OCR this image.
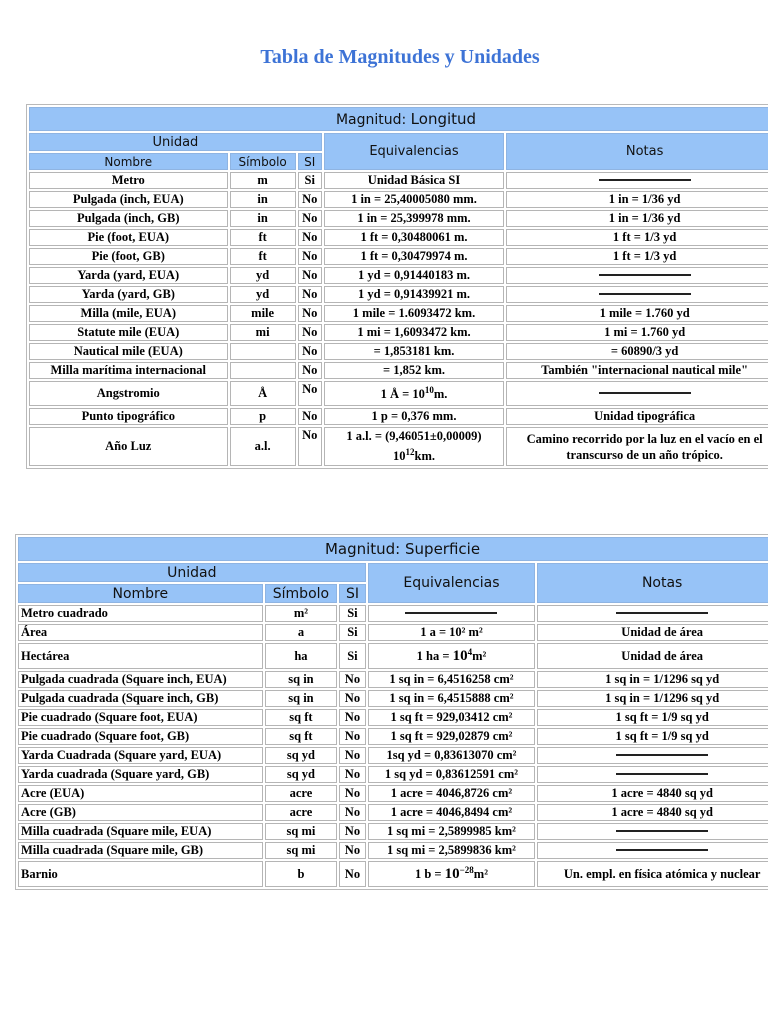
Tabla de Magnitudes y Unidades
Magnitud: Longitud				
Unidad			Equivalencias	Notas
Nombre	Símbolo	SI		
Metro	m	Si	Unidad Básica SI	
Pulgada (inch, EUA)	in	No	1 in = 25,40005080 mm.	1 in = 1/36 yd
Pulgada (inch, GB)	in	No	1 in = 25,399978 mm.	1 in = 1/36 yd
Pie (foot, EUA)	ft	No	1 ft = 0,30480061 m.	1 ft = 1/3 yd
Pie (foot, GB)	ft	No	1 ft = 0,30479974 m.	1 ft = 1/3 yd
Yarda (yard, EUA)	yd	No	1 yd = 0,91440183 m.	
Yarda (yard, GB)	yd	No	1 yd = 0,91439921 m.	
Milla (mile, EUA)	mile	No	1 mile = 1.6093472 km.	1 mile = 1.760 yd
Statute mile (EUA)	mi	No	1 mi = 1,6093472 km.	1 mi = 1.760 yd
Nautical mile (EUA)		No	= 1,853181 km.	= 60890/3 yd
Milla marítima internacional		No	= 1,852 km.	También "internacional nautical mile"
Angstromio	Å	No	1 Å = $10^{10}m$.	
Punto tipográfico	p	No	1 p = 0,376 mm.	Unidad tipográfica
Año Luz	a.l.	No	1 a.l. = (9,46051±0,00009) $10^{12}km$.	Camino recorrido por la luz en el vacío en el transcurso de un año trópico.
Magnitud: Superficie				
Unidad			Equivalencias	Notas
Nombre	Símbolo	SI		
Metro cuadrado	m²	Si		
Área	a	Si	1 a = 10² m²	Unidad de área
Hectárea	ha	Si	1 ha = $10^4m^2$	Unidad de área
Pulgada cuadrada (Square inch, EUA)	sq in	No	1 sq in = 6,4516258 cm²	1 sq in = 1/1296 sq yd
Pulgada cuadrada (Square inch, GB)	sq in	No	1 sq in = 6,4515888 cm²	1 sq in = 1/1296 sq yd
Pie cuadrado (Square foot, EUA)	sq ft	No	1 sq ft = 929,03412 cm²	1 sq ft = 1/9 sq yd
Pie cuadrado (Square foot, GB)	sq ft	No	1 sq ft = 929,02879 cm²	1 sq ft = 1/9 sq yd
Yarda Cuadrada (Square yard, EUA)	sq yd	No	1sq yd = 0,83613070 cm²	
Yarda cuadrada (Square yard, GB)	sq yd	No	1 sq yd = 0,83612591 cm²	
Acre (EUA)	acre	No	1 acre = 4046,8726 cm²	1 acre = 4840 sq yd
Acre (GB)	acre	No	1 acre = 4046,8494 cm²	1 acre = 4840 sq yd
Milla cuadrada (Square mile, EUA)	sq mi	No	1 sq mi = 2,5899985 km²	
Milla cuadrada (Square mile, GB)	sq mi	No	1 sq mi = 2,5899836 km²	
Barnio	b	No	1 $b = 10^{-28}m^2$	Un. empl. en física atómica y nuclear
